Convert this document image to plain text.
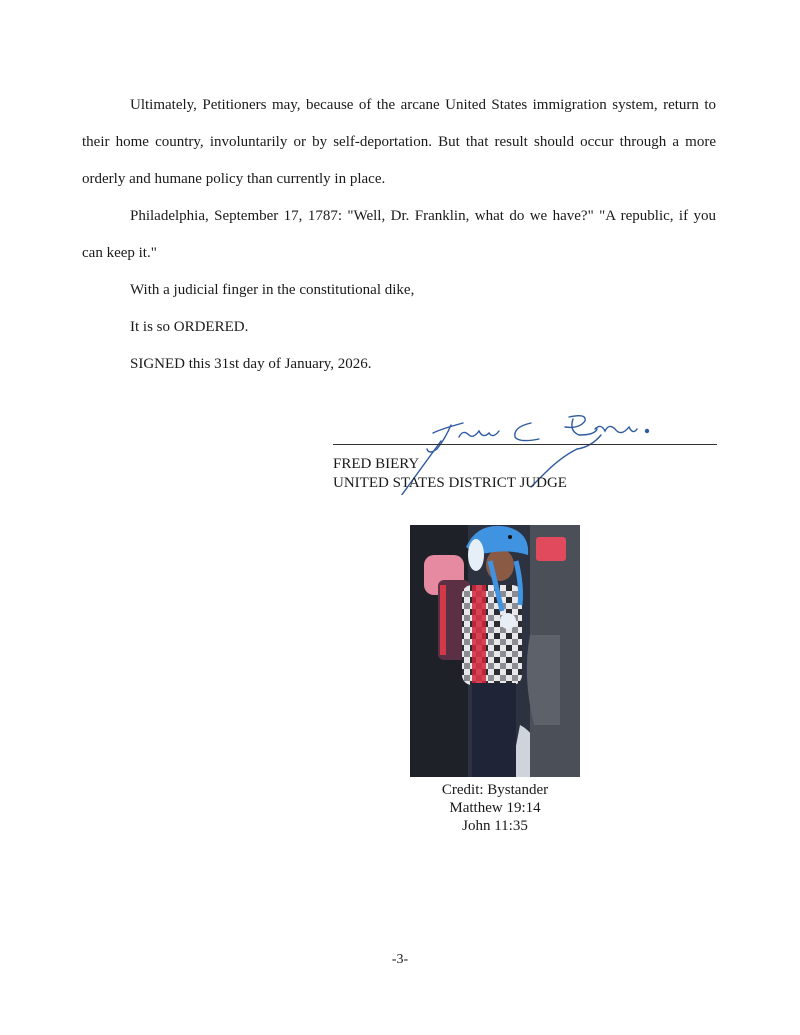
Ultimately, Petitioners may, because of the arcane United States immigration system, return to their home country, involuntarily or by self-deportation. But that result should occur through a more orderly and humane policy than currently in place.

Philadelphia, September 17, 1787: "Well, Dr. Franklin, what do we have?" "A republic, if you can keep it."

With a judicial finger in the constitutional dike,

It is so ORDERED.

SIGNED this 31st day of January, 2026.

FRED BIERY

UNITED STATES DISTRICT JUDGE

Credit: Bystander

Matthew 19:14

John 11:35

-3-
